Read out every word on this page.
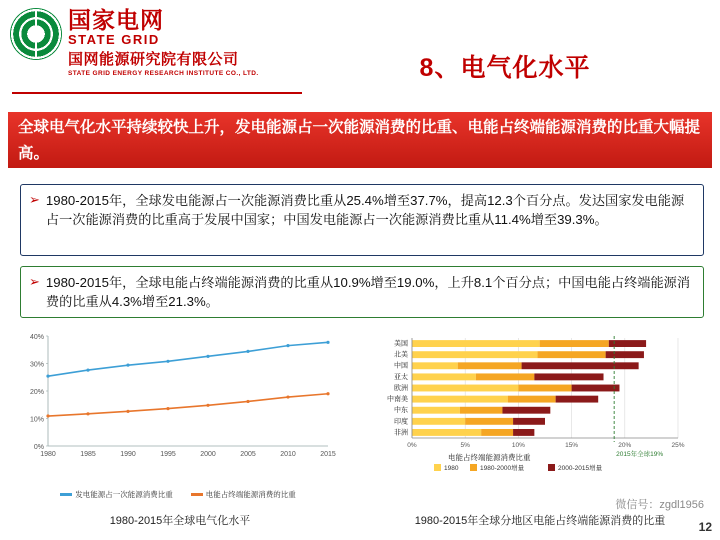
国家电网
STATE GRID
国网能源研究院有限公司
STATE GRID ENERGY RESEARCH INSTITUTE CO., LTD.	8、电气化水平
全球电气化水平持续较快上升，发电能源占一次能源消费的比重、电能占终端能源消费的比重大幅提高。
➢ 1980-2015年，全球发电能源占一次能源消费比重从25.4%增至37.7%，提高12.3个百分点。发达国家发电能源占一次能源消费的比重高于发展中国家；中国发电能源占一次能源消费比重从11.4%增至39.3%。
➢ 1980-2015年，全球电能占终端能源消费的比重从10.9%增至19.0%，上升8.1个百分点；中国电能占终端能源消费的比重从4.3%增至21.3%。
0%
10%
20%
30%
40%
1980	1985	1990	1995	2000	2005	2010	2015
发电能源占一次能源消费比重	电能占终端能源消费的比重
1980-2015年全球电气化水平
0%	5%	10%	15%	20%	25%
美国
北美
中国
亚太
欧洲
中南美
中东
印度
非洲
2015年全球19%
电能占终端能源消费比重
1980	1980-2000增量	2000-2015增量
1980-2015年全球分地区电能占终端能源消费的比重
微信号：zgdl1956
12
